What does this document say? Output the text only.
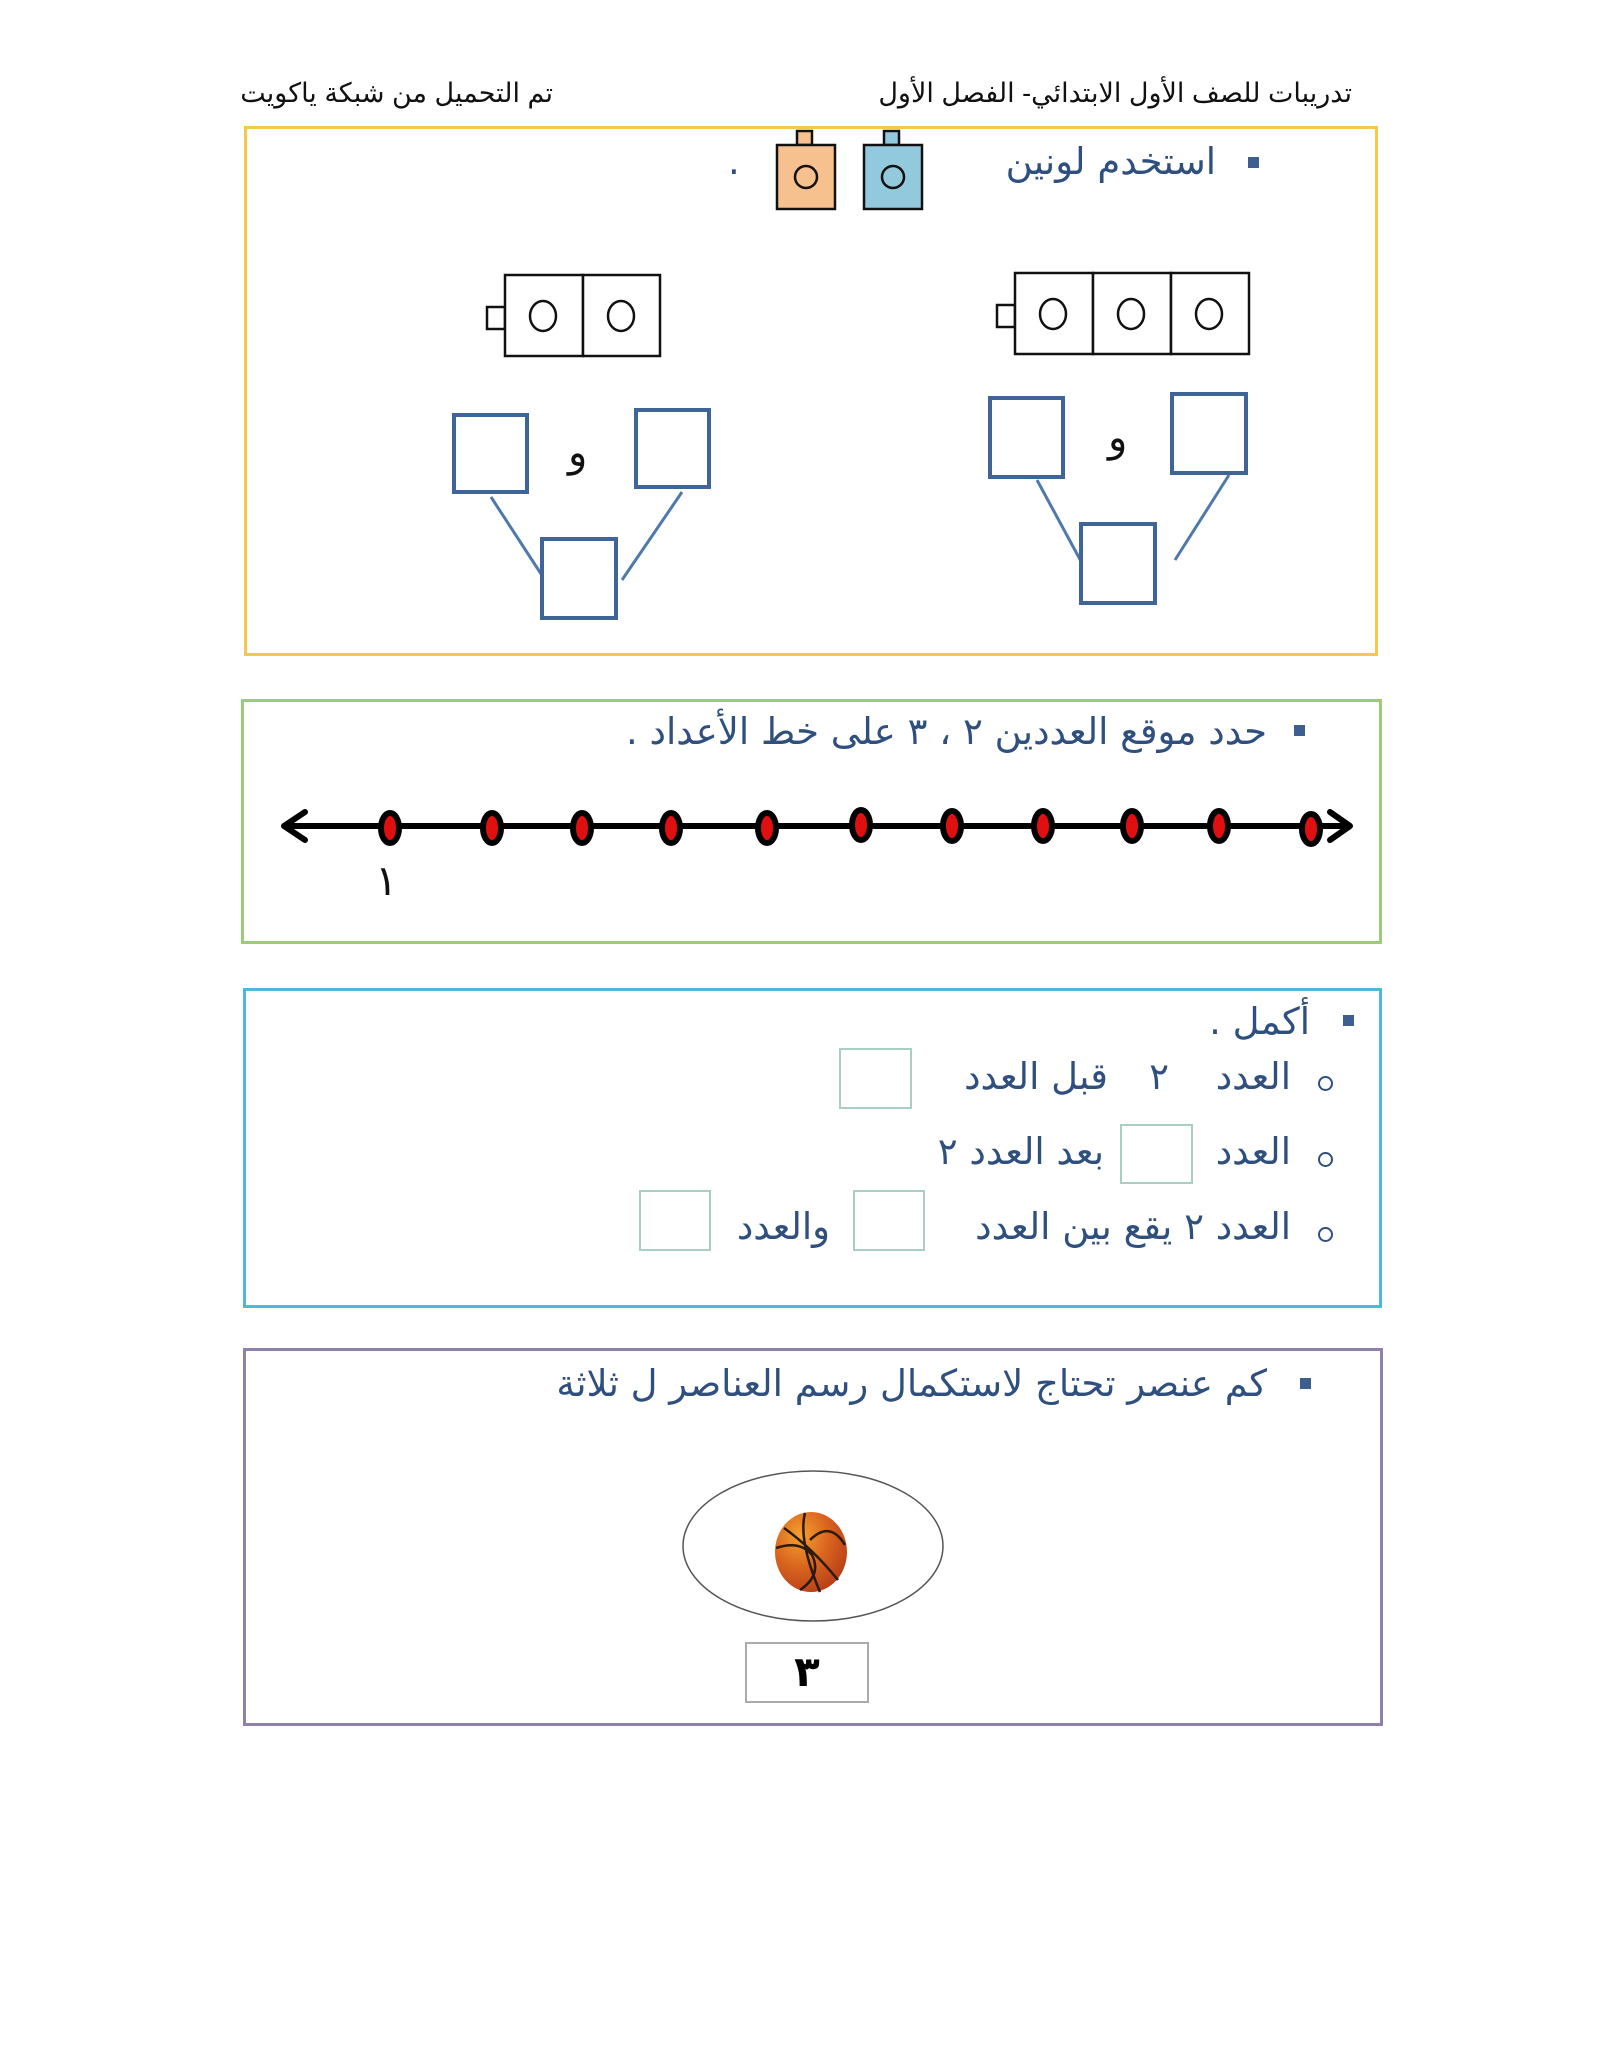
تدريبات للصف الأول الابتدائي- الفصل الأول
تم التحميل من شبكة ياكويت
استخدم لونين
.
و	و
حدد موقع العددين ٢ ، ٣ على خط الأعداد .
١
أكمل .
العدد
٢
قبل العدد
العدد
بعد العدد ٢
العدد ٢ يقع بين العدد
والعدد
كم عنصر تحتاج لاستكمال رسم العناصر ل ثلاثة
٣
